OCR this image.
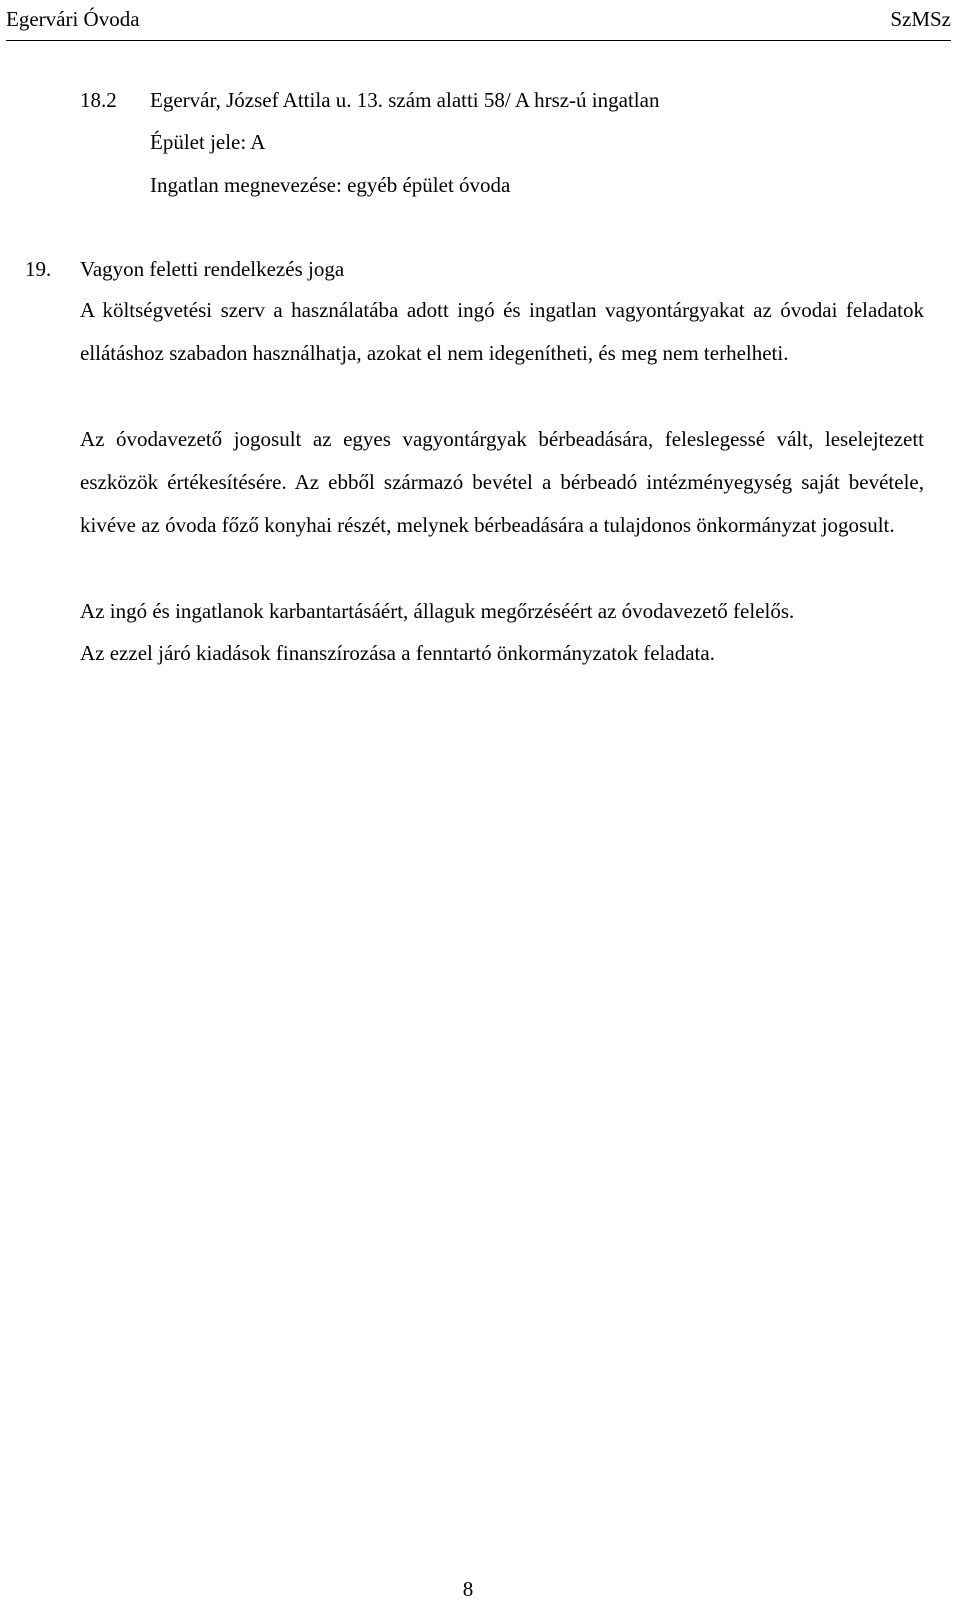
Egervári Óvoda	SzMSz
18.2 Egervár, József Attila u. 13. szám alatti 58/ A hrsz-ú ingatlan
Épület jele: A
Ingatlan megnevezése: egyéb épület óvoda
19. Vagyon feletti rendelkezés joga
A költségvetési szerv a használatába adott ingó és ingatlan vagyontárgyakat az óvodai feladatok ellátáshoz szabadon használhatja, azokat el nem idegenítheti, és meg nem terhelheti.
Az óvodavezető jogosult az egyes vagyontárgyak bérbeadására, feleslegessé vált, leselejtezett eszközök értékesítésére. Az ebből származó bevétel a bérbeadó intézményegység saját bevétele, kivéve az óvoda főző konyhai részét, melynek bérbeadására a tulajdonos önkormányzat jogosult.
Az ingó és ingatlanok karbantartásáért, állaguk megőrzéséért az óvodavezető felelős.
Az ezzel járó kiadások finanszírozása a fenntartó önkormányzatok feladata.
8
